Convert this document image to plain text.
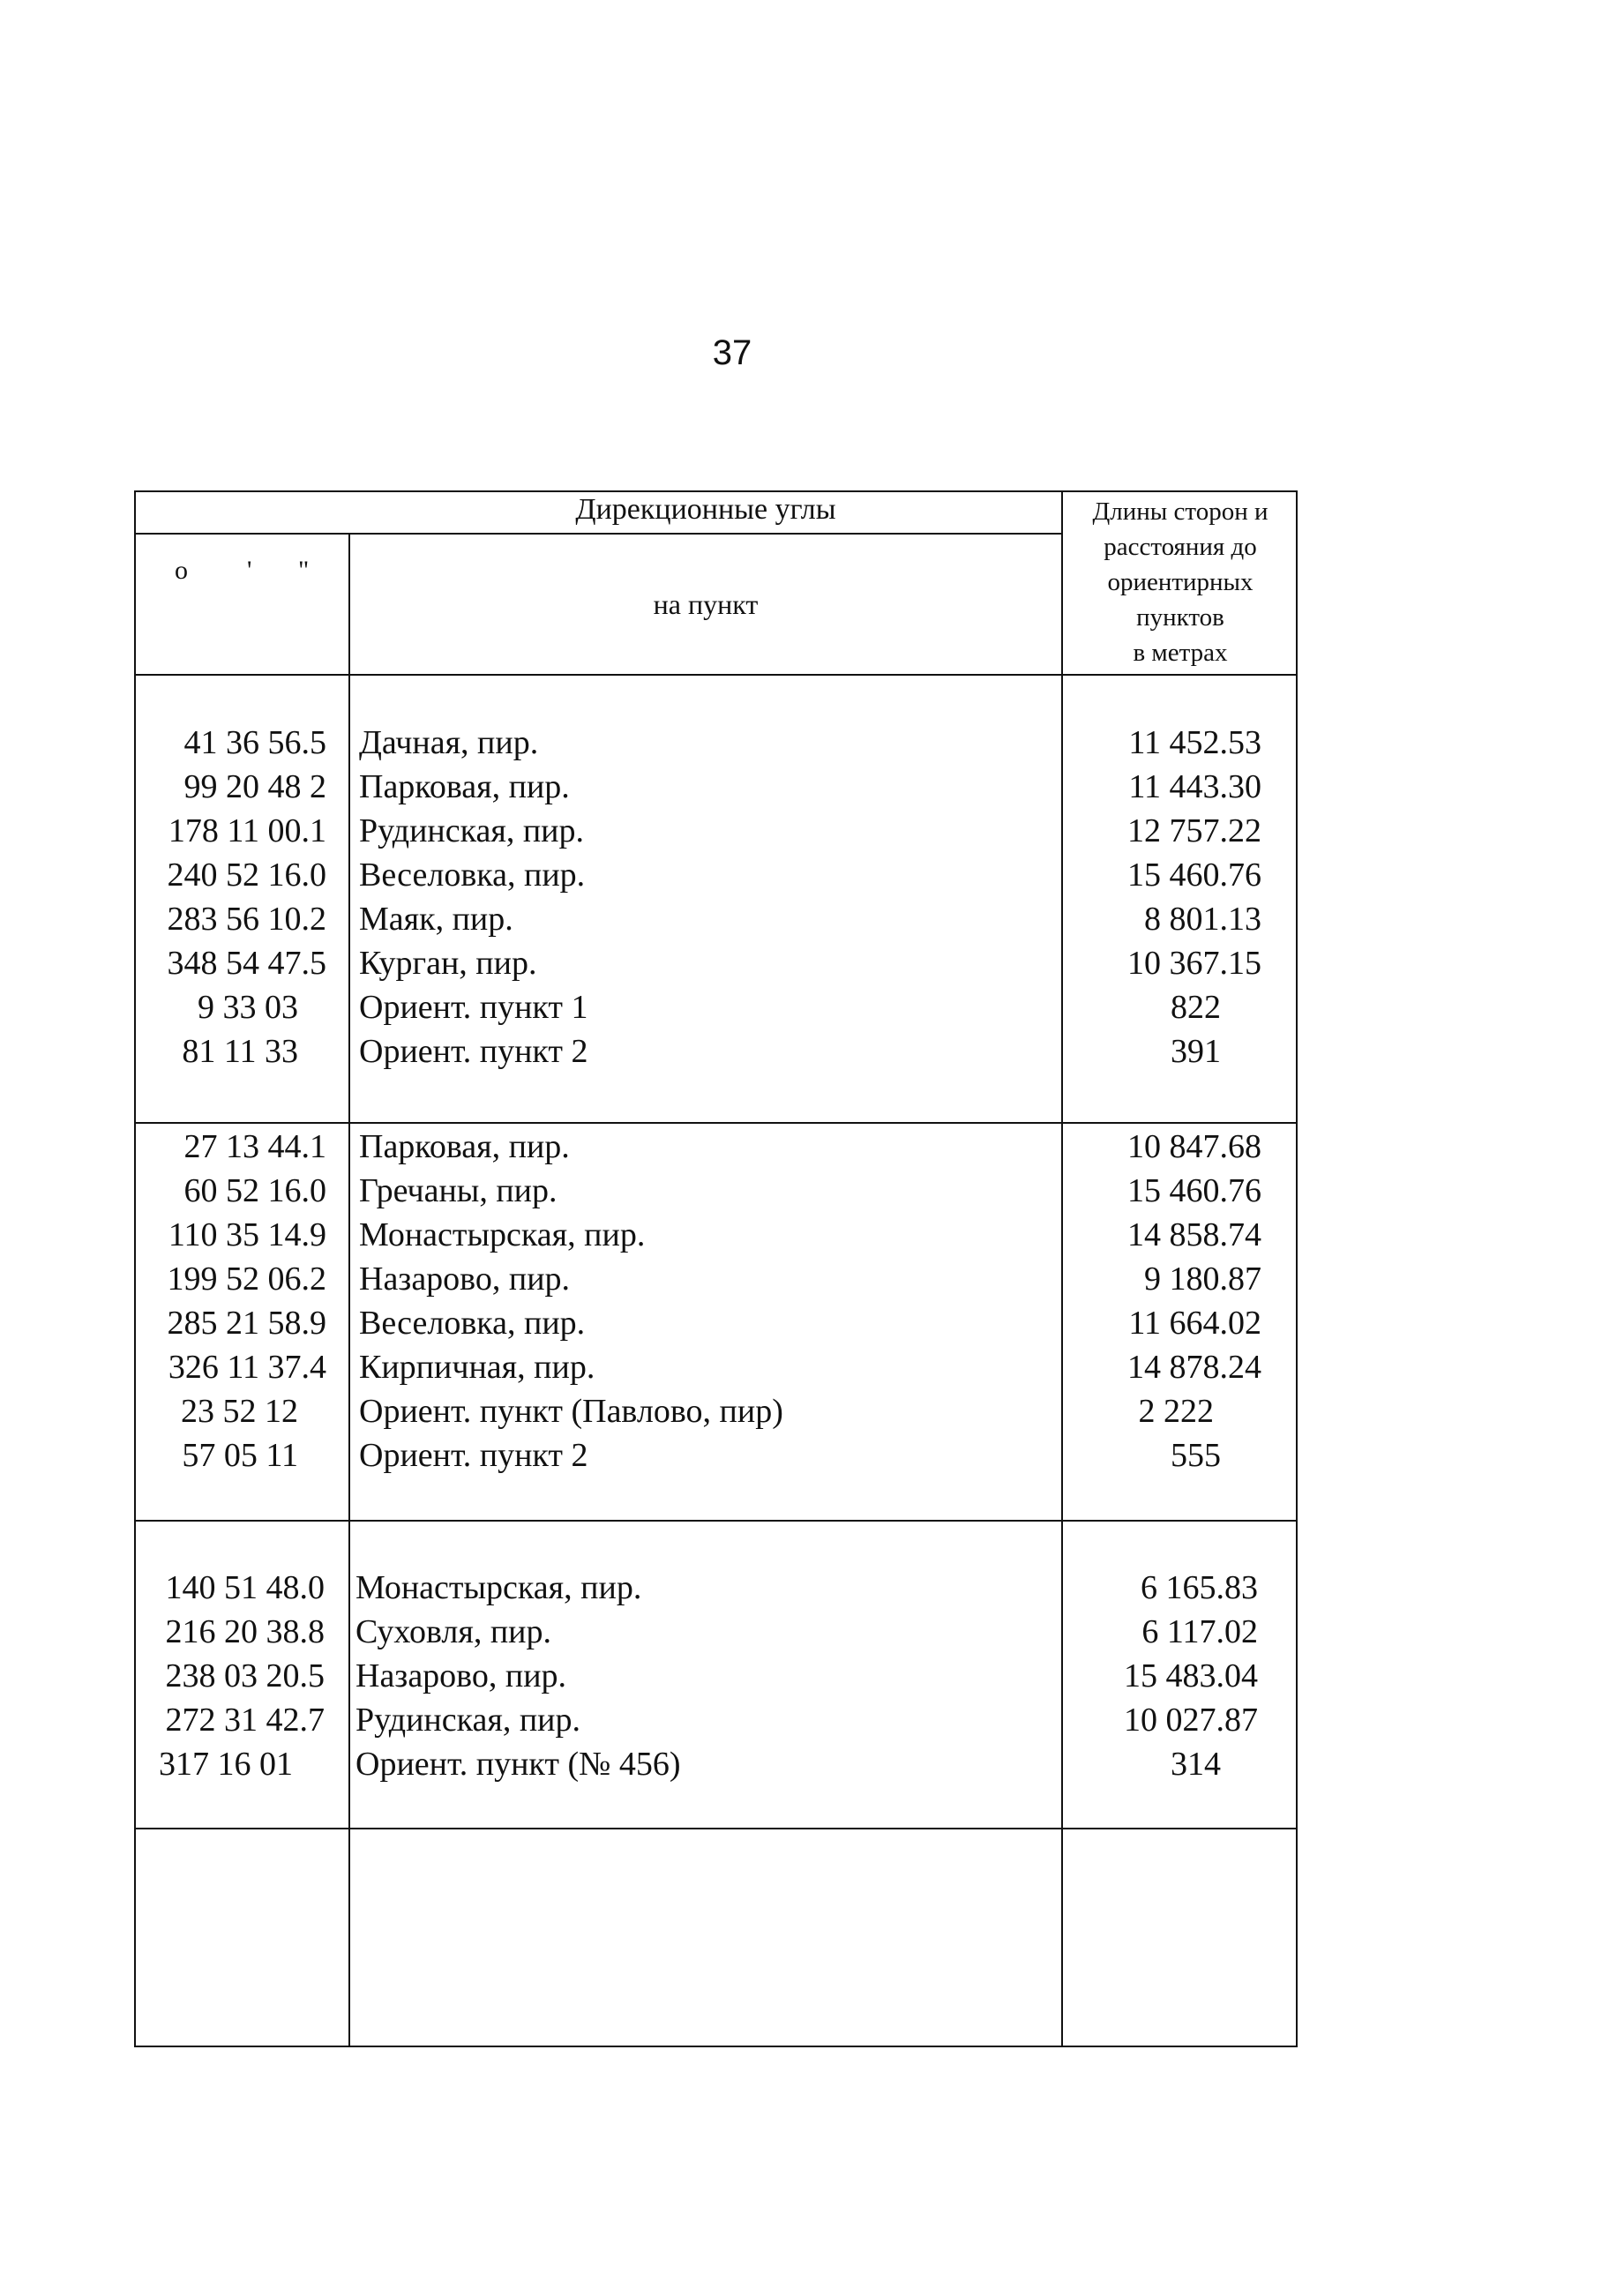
37
Дирекционные углы
o ' "
на пункт
Длины сторон и
расстояния до
ориентирных
пунктов
в метрах
41 36 56.5 Дачная, пир.	11 452.53
99 20 48 2 Парковая, пир.	11 443.30
178 11 00.1 Рудинская, пир.	12 757.22
240 52 16.0 Веселовка, пир.	15 460.76
283 56 10.2 Маяк, пир.	8 801.13
348 54 47.5 Курган, пир.	10 367.15
9 33 03 Ориент. пункт 1	822
81 11 33 Ориент. пункт 2	391
27 13 44.1 Парковая, пир.	10 847.68
60 52 16.0 Гречаны, пир.	15 460.76
110 35 14.9 Монастырская, пир.	14 858.74
199 52 06.2 Назарово, пир.	9 180.87
285 21 58.9 Веселовка, пир.	11 664.02
326 11 37.4 Кирпичная, пир.	14 878.24
23 52 12 Ориент. пункт (Павлово, пир)	2 222
57 05 11 Ориент. пункт 2	555
140 51 48.0 Монастырская, пир.	6 165.83
216 20 38.8 Суховля, пир.	6 117.02
238 03 20.5 Назарово, пир.	15 483.04
272 31 42.7 Рудинская, пир.	10 027.87
317 16 01 Ориент. пункт (№ 456)	314
